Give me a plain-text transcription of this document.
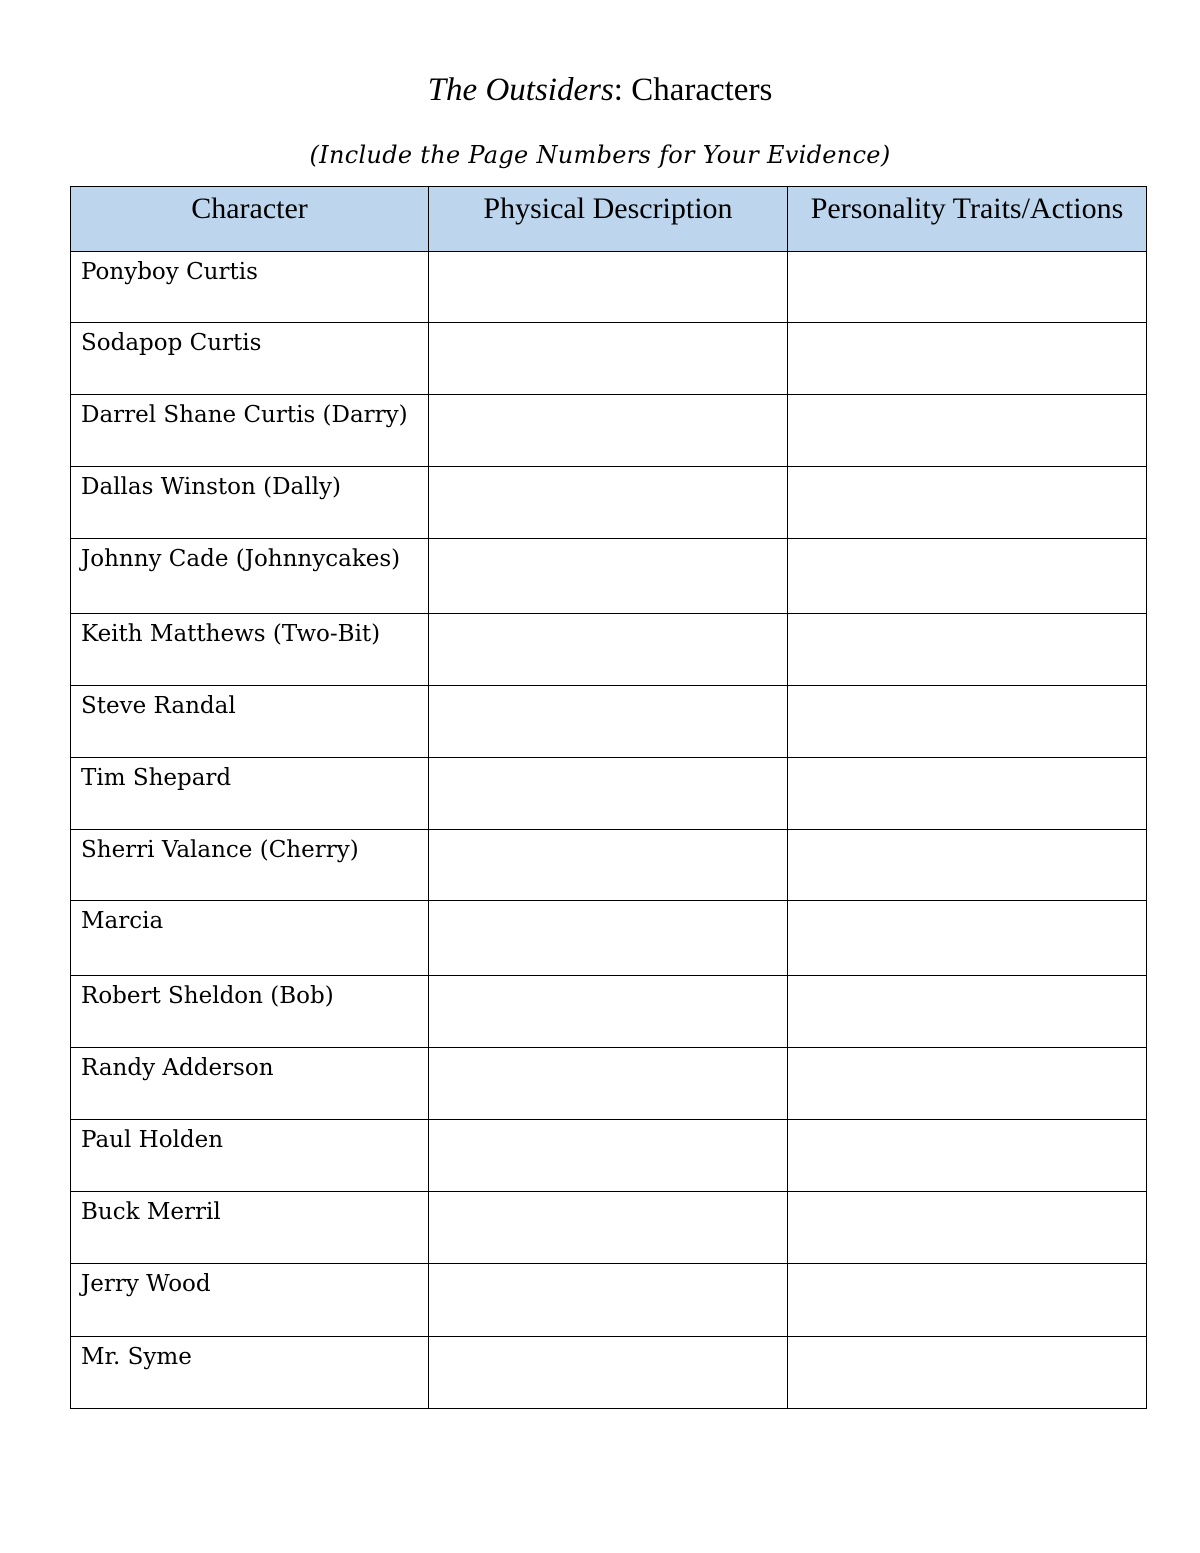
The Outsiders: Characters
(Include the Page Numbers for Your Evidence)
Character	Physical Description	Personality Traits/Actions
Ponyboy Curtis		
Sodapop Curtis		
Darrel Shane Curtis (Darry)		
Dallas Winston (Dally)		
Johnny Cade (Johnnycakes)		
Keith Matthews (Two-Bit)		
Steve Randal		
Tim Shepard		
Sherri Valance (Cherry)		
Marcia		
Robert Sheldon (Bob)		
Randy Adderson		
Paul Holden		
Buck Merril		
Jerry Wood		
Mr. Syme		
